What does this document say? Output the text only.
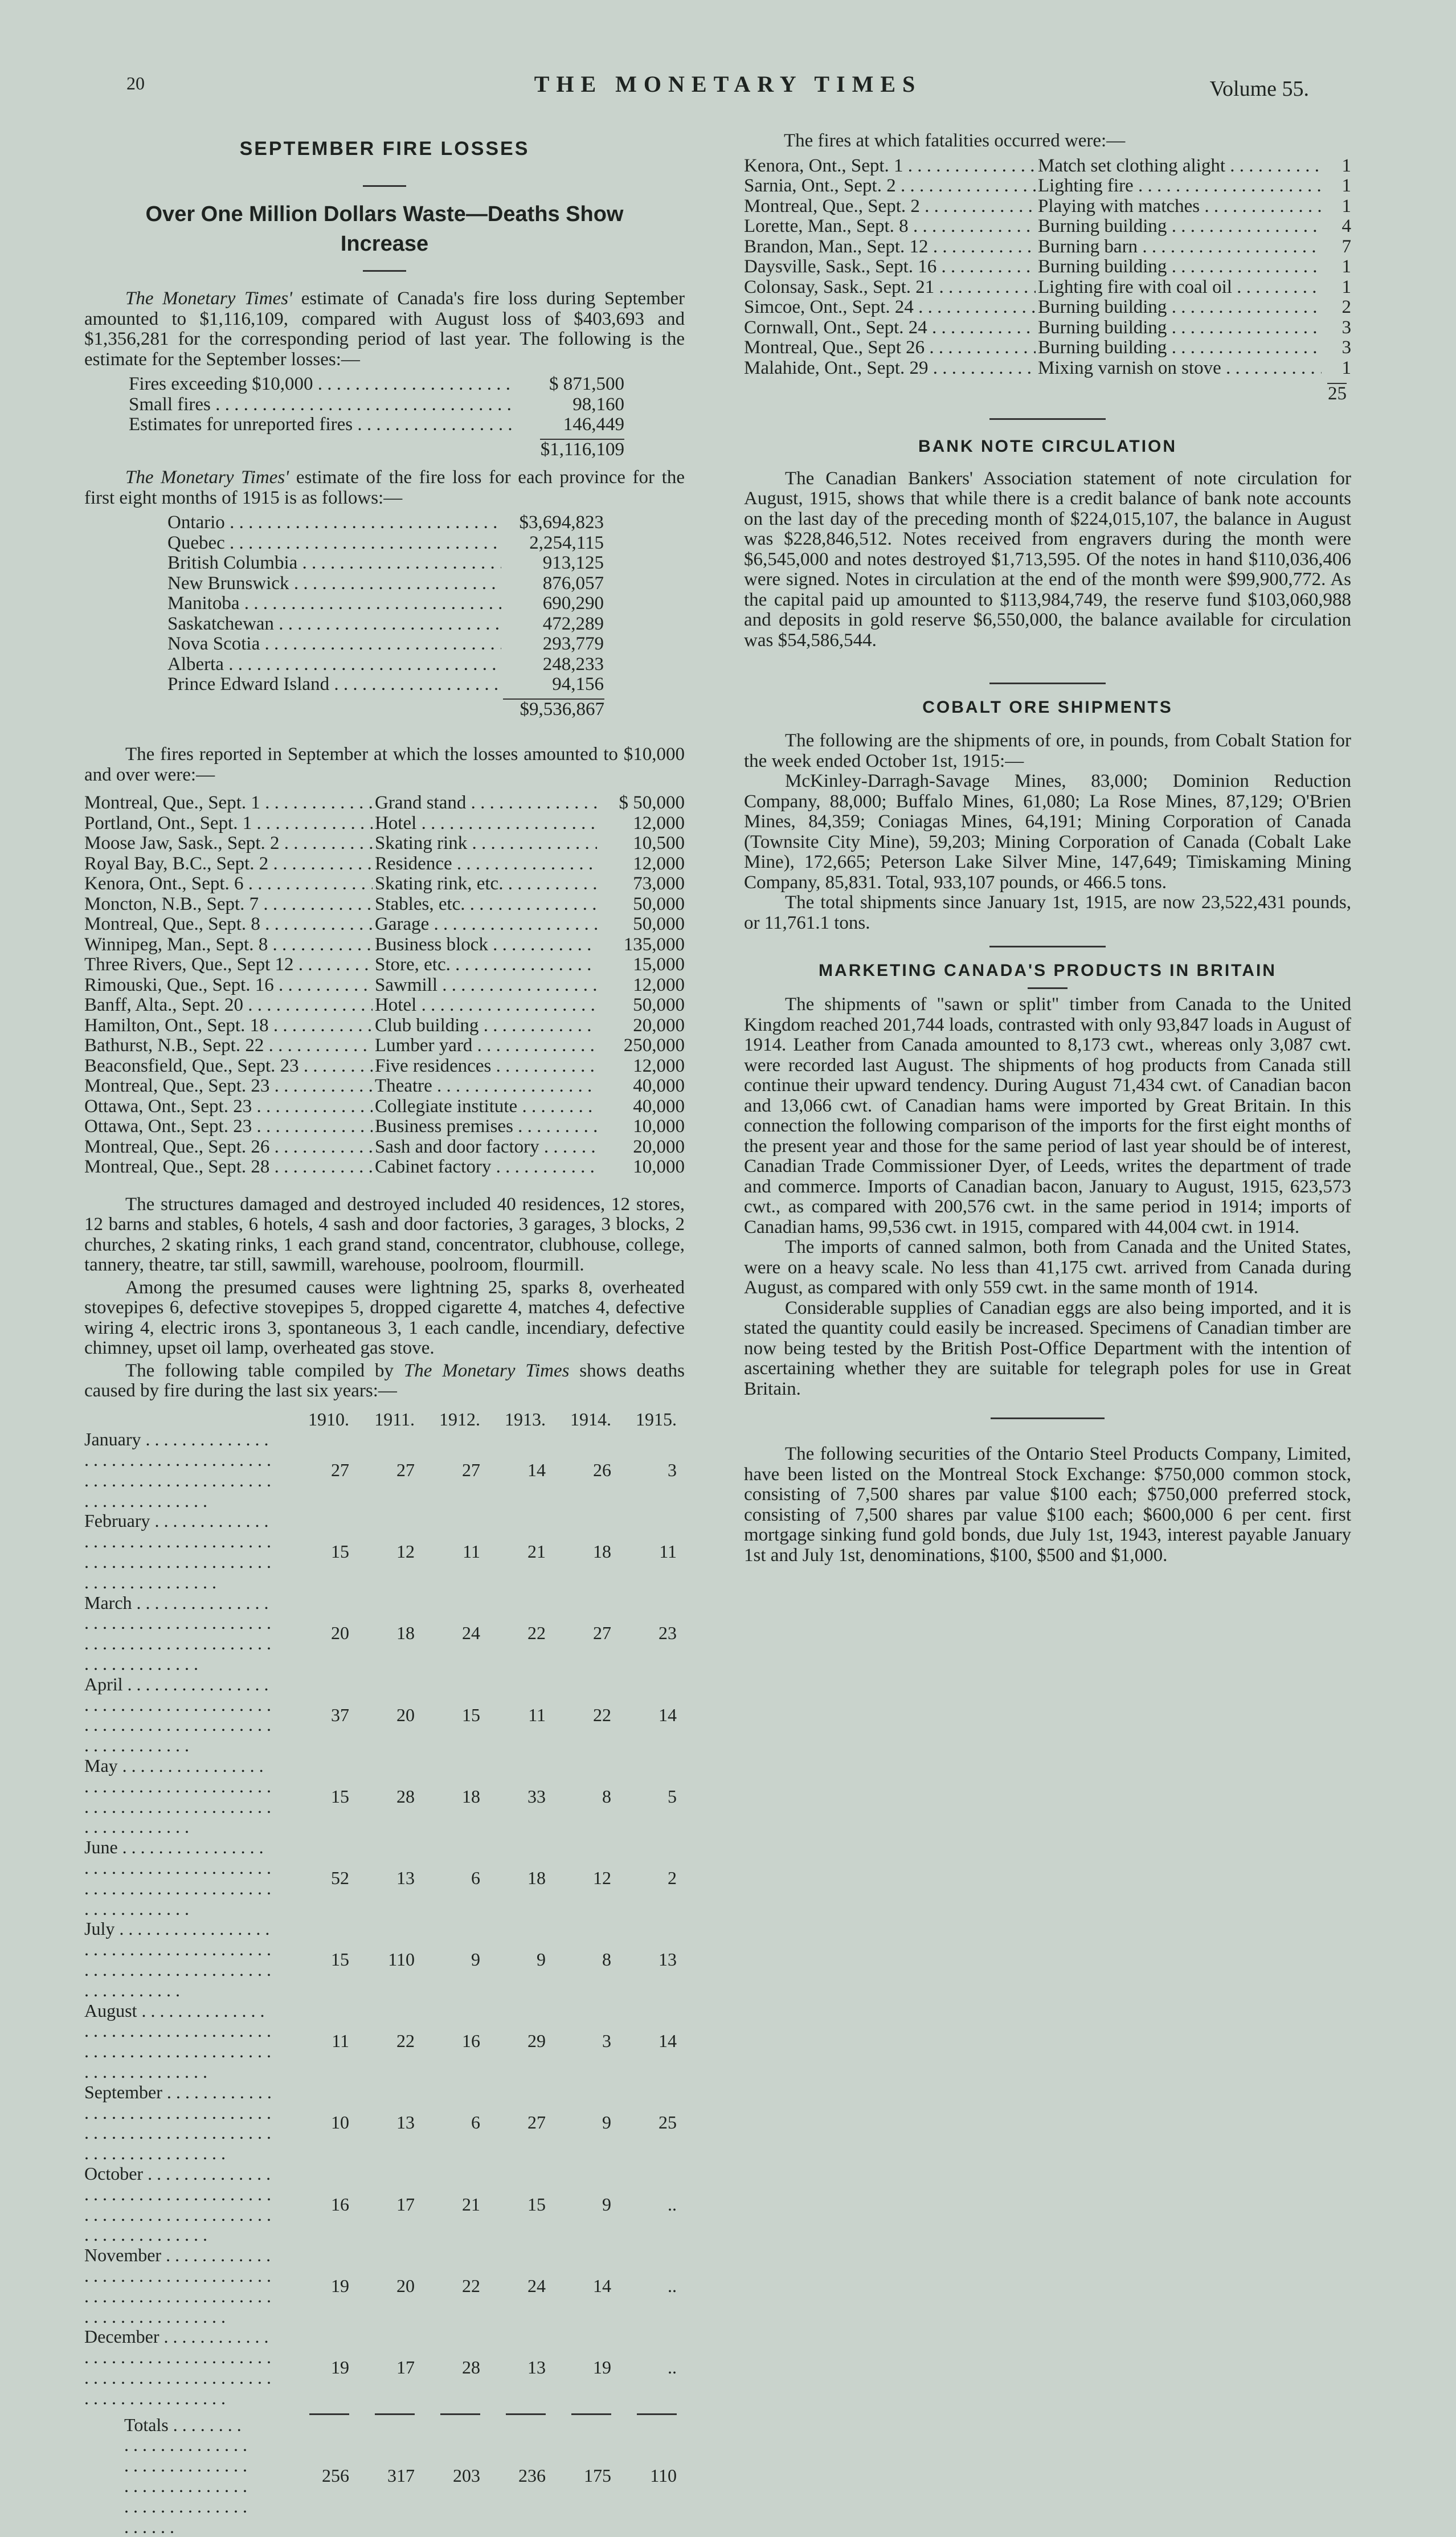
20	THE MONETARY TIMES	Volume 55.
SEPTEMBER FIRE LOSSES
Over One Million Dollars Waste—Deaths Show
Increase

The Monetary Times' estimate of Canada's fire loss during September amounted to $1,116,109, compared with August loss of $403,693 and $1,356,281 for the corresponding period of last year. The following is the estimate for the September losses:—

Fires exceeding $10,000 . . .	$ 871,500
Small fires . . .	98,160
Estimates for unreported fires . . .	146,449
$1,116,109

The Monetary Times' estimate of the fire loss for each province for the first eight months of 1915 is as follows:—

Ontario . . .	$3,694,823
Quebec . . .	2,254,115
British Columbia . . .	913,125
New Brunswick . . .	876,057
Manitoba . . .	690,290
Saskatchewan . . .	472,289
Nova Scotia . . .	293,779
Alberta . . .	248,233
Prince Edward Island . . .	94,156
$9,536,867

The fires reported in September at which the losses amounted to $10,000 and over were:—

Montreal, Que., Sept. 1 . . .	Grand stand . . .	$ 50,000
Portland, Ont., Sept. 1 . . .	Hotel . . .	12,000
Moose Jaw, Sask., Sept. 2 . . .	Skating rink . . .	10,500
Royal Bay, B.C., Sept. 2 . . .	Residence . . .	12,000
Kenora, Ont., Sept. 6 . . .	Skating rink, etc. . . .	73,000
Moncton, N.B., Sept. 7 . . .	Stables, etc. . . .	50,000
Montreal, Que., Sept. 8 . . .	Garage . . .	50,000
Winnipeg, Man., Sept. 8 . . .	Business block . . .	135,000
Three Rivers, Que., Sept 12 . . .	Store, etc. . . .	15,000
Rimouski, Que., Sept. 16 . . .	Sawmill . . .	12,000
Banff, Alta., Sept. 20 . . .	Hotel . . .	50,000
Hamilton, Ont., Sept. 18 . . .	Club building . . .	20,000
Bathurst, N.B., Sept. 22 . . .	Lumber yard . . .	250,000
Beaconsfield, Que., Sept. 23 . . .	Five residences . . .	12,000
Montreal, Que., Sept. 23 . . .	Theatre . . .	40,000
Ottawa, Ont., Sept. 23 . . .	Collegiate institute . . .	40,000
Ottawa, Ont., Sept. 23 . . .	Business premises . . .	10,000
Montreal, Que., Sept. 26 . . .	Sash and door factory . . .	20,000
Montreal, Que., Sept. 28 . . .	Cabinet factory . . .	10,000

The structures damaged and destroyed included 40 residences, 12 stores, 12 barns and stables, 6 hotels, 4 sash and door factories, 3 garages, 3 blocks, 2 churches, 2 skating rinks, 1 each grand stand, concentrator, clubhouse, college, tannery, theatre, tar still, sawmill, warehouse, poolroom, flourmill.

Among the presumed causes were lightning 25, sparks 8, overheated stovepipes 6, defective stovepipes 5, dropped cigarette 4, matches 4, defective wiring 4, electric irons 3, spontaneous 3, 1 each candle, incendiary, defective chimney, upset oil lamp, overheated gas stove.

The following table compiled by The Monetary Times shows deaths caused by fire during the last six years:—

	1910.	1911.	1912.	1913.	1914.	1915.

January . . .	27	27	27	14	26	3

February . . .	15	12	11	21	18	11

March . . .	20	18	24	22	27	23

April . . .	37	20	15	11	22	14

May . . .	15	28	18	33	8	5

June . . .	52	13	6	18	12	2

July . . .	15	110	9	9	8	13

August . . .	11	22	16	29	3	14

September . . .	10	13	6	27	9	25

October . . .	16	17	21	15	9	..

November . . .	19	20	22	24	14	..

December . . .	19	17	28	13	19	..

Totals . . .	256	317	203	236	175	110

The fires at which fatalities occurred were:—

Kenora, Ont., Sept. 1 . . .	Match set clothing alight . . .	1
Sarnia, Ont., Sept. 2 . . .	Lighting fire . . .	1
Montreal, Que., Sept. 2 . . .	Playing with matches . . .	1
Lorette, Man., Sept. 8 . . .	Burning building . . .	4
Brandon, Man., Sept. 12 . . .	Burning barn . . .	7
Daysville, Sask., Sept. 16 . . .	Burning building . . .	1
Colonsay, Sask., Sept. 21 . . .	Lighting fire with coal oil . . .	1
Simcoe, Ont., Sept. 24 . . .	Burning building . . .	2
Cornwall, Ont., Sept. 24 . . .	Burning building . . .	3
Montreal, Que., Sept 26 . . .	Burning building . . .	3
Malahide, Ont., Sept. 29 . . .	Mixing varnish on stove . . .	1
25
BANK NOTE CIRCULATION

The Canadian Bankers' Association statement of note circulation for August, 1915, shows that while there is a credit balance of bank note accounts on the last day of the preceding month of $224,015,107, the balance in August was $228,846,512. Notes received from engravers during the month were $6,545,000 and notes destroyed $1,713,595. Of the notes in hand $110,036,406 were signed. Notes in circulation at the end of the month were $99,900,772. As the capital paid up amounted to $113,984,749, the reserve fund $103,060,988 and deposits in gold reserve $6,550,000, the balance available for circulation was $54,586,544.

COBALT ORE SHIPMENTS

The following are the shipments of ore, in pounds, from Cobalt Station for the week ended October 1st, 1915:—

McKinley-Darragh-Savage Mines, 83,000; Dominion Reduction Company, 88,000; Buffalo Mines, 61,080; La Rose Mines, 87,129; O'Brien Mines, 84,359; Coniagas Mines, 64,191; Mining Corporation of Canada (Townsite City Mine), 59,203; Mining Corporation of Canada (Cobalt Lake Mine), 172,665; Peterson Lake Silver Mine, 147,649; Timiskaming Mining Company, 85,831. Total, 933,107 pounds, or 466.5 tons.

The total shipments since January 1st, 1915, are now 23,522,431 pounds, or 11,761.1 tons.

MARKETING CANADA'S PRODUCTS IN BRITAIN

The shipments of "sawn or split" timber from Canada to the United Kingdom reached 201,744 loads, contrasted with only 93,847 loads in August of 1914. Leather from Canada amounted to 8,173 cwt., whereas only 3,087 cwt. were recorded last August. The shipments of hog products from Canada still continue their upward tendency. During August 71,434 cwt. of Canadian bacon and 13,066 cwt. of Canadian hams were imported by Great Britain. In this connection the following comparison of the imports for the first eight months of the present year and those for the same period of last year should be of interest, Canadian Trade Commissioner Dyer, of Leeds, writes the department of trade and commerce. Imports of Canadian bacon, January to August, 1915, 623,573 cwt., as compared with 200,576 cwt. in the same period in 1914; imports of Canadian hams, 99,536 cwt. in 1915, compared with 44,004 cwt. in 1914.

The imports of canned salmon, both from Canada and the United States, were on a heavy scale. No less than 41,175 cwt. arrived from Canada during August, as compared with only 559 cwt. in the same month of 1914.

Considerable supplies of Canadian eggs are also being imported, and it is stated the quantity could easily be increased. Specimens of Canadian timber are now being tested by the British Post-Office Department with the intention of ascertaining whether they are suitable for telegraph poles for use in Great Britain.

The following securities of the Ontario Steel Products Company, Limited, have been listed on the Montreal Stock Exchange: $750,000 common stock, consisting of 7,500 shares par value $100 each; $750,000 preferred stock, consisting of 7,500 shares par value $100 each; $600,000 6 per cent. first mortgage sinking fund gold bonds, due July 1st, 1943, interest payable January 1st and July 1st, denominations, $100, $500 and $1,000.
